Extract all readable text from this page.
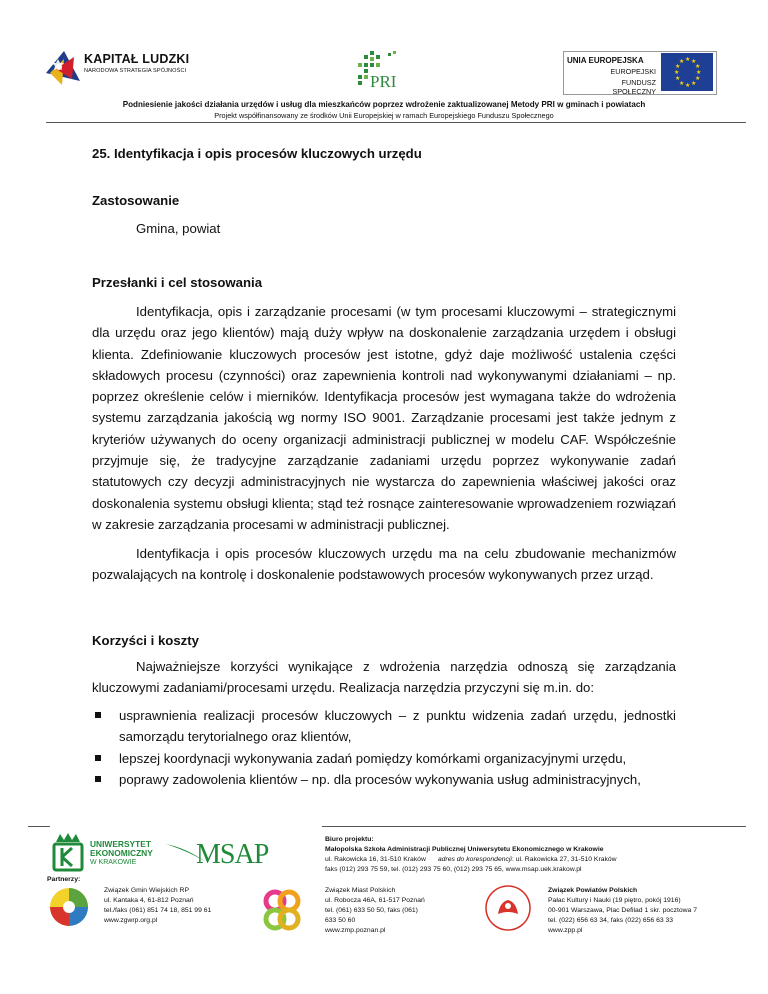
KAPITAŁ LUDZKI
NARODOWA STRATEGIA SPÓJNOŚCI
PRI
UNIA EUROPEJSKA
EUROPEJSKI
FUNDUSZ SPOŁECZNY
★ ★
★
★
★
★
★
★
★
★
★
★
Podniesienie jakości działania urzędów i usług dla mieszkańców poprzez wdrożenie zaktualizowanej Metody PRI w gminach i powiatach
Projekt współfinansowany ze środków Unii Europejskiej w ramach Europejskiego Funduszu Społecznego
25. Identyfikacja i opis procesów kluczowych urzędu
Zastosowanie
Gmina, powiat
Przesłanki i cel stosowania
Identyfikacja, opis i zarządzanie procesami (w tym procesami kluczowymi – strategicznymi dla urzędu oraz jego klientów) mają duży wpływ na doskonalenie zarządzania urzędem i obsługi klienta. Zdefiniowanie kluczowych procesów jest istotne, gdyż daje możliwość ustalenia części składowych procesu (czynności) oraz zapewnienia kontroli nad wykonywanymi działaniami – np. poprzez określenie celów i mierników. Identyfikacja procesów jest wymagana także do wdrożenia systemu zarządzania jakością wg normy ISO 9001. Zarządzanie procesami jest także jednym z kryteriów używanych do oceny organizacji administracji publicznej w modelu CAF. Współcześnie przyjmuje się, że tradycyjne zarządzanie zadaniami urzędu poprzez wykonywanie zadań statutowych czy decyzji administracyjnych nie wystarcza do zapewnienia właściwej jakości oraz doskonalenia systemu obsługi klienta; stąd też rosnące zainteresowanie wprowadzeniem rozwiązań w zakresie zarządzania procesami w administracji publicznej.
Identyfikacja i opis procesów kluczowych urzędu ma na celu zbudowanie mechanizmów pozwalających na kontrolę i doskonalenie podstawowych procesów wykonywanych przez urząd.
Korzyści i koszty
Najważniejsze korzyści wynikające z wdrożenia narzędzia odnoszą się zarządzania kluczowymi zadaniami/procesami urzędu. Realizacja narzędzia przyczyni się m.in. do:
usprawnienia realizacji procesów kluczowych – z punktu widzenia zadań urzędu, jednostki samorządu terytorialnego oraz klientów,
lepszej koordynacji wykonywania zadań pomiędzy komórkami organizacyjnymi urzędu,
poprawy zadowolenia klientów – np. dla procesów wykonywania usług administracyjnych,
UNIWERSYTET
EKONOMICZNY
W KRAKOWIE MSAP	Biuro projektu:
Małopolska Szkoła Administracji Publicznej Uniwersytetu Ekonomicznego w Krakowie
ul. Rakowicka 16, 31-510 Kraków adres do korespondencji: ul. Rakowicka 27, 31-510 Kraków
faks (012) 293 75 59, tel. (012) 293 75 60, (012) 293 75 65, www.msap.uek.krakow.pl
Partnerzy:
Związek Gmin Wiejskich RP
ul. Kantaka 4, 61-812 Poznań
tel./faks (061) 851 74 18, 851 99 61
www.zgwrp.org.pl
Związek Miast Polskich
ul. Robocza 46A, 61-517 Poznań
tel. (061) 633 50 50, faks (061)
633 50 60
www.zmp.poznan.pl
Związek Powiatów Polskich
Pałac Kultury i Nauki (19 piętro, pokój 1916)
00-901 Warszawa, Plac Defilad 1 skr. pocztowa 7
tel. (022) 656 63 34, faks (022) 656 63 33
www.zpp.pl
